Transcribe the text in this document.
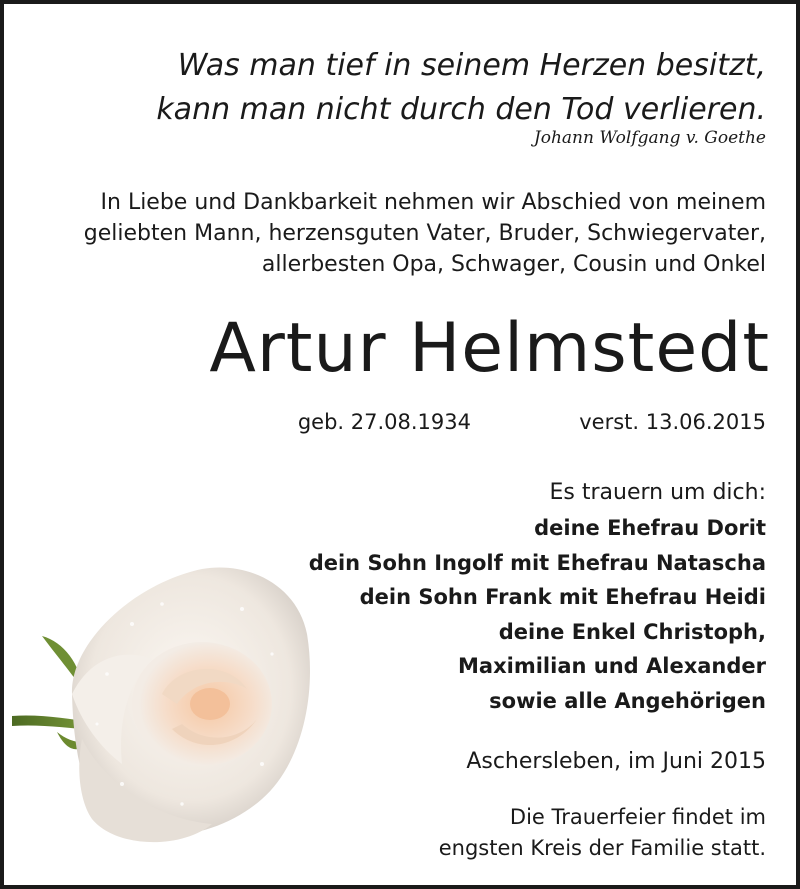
Was man tief in seinem Herzen besitzt,
kann man nicht durch den Tod verlieren.
Johann Wolfgang v. Goethe
In Liebe und Dankbarkeit nehmen wir Abschied von meinem
geliebten Mann, herzensguten Vater, Bruder, Schwiegervater,
allerbesten Opa, Schwager, Cousin und Onkel
Artur Helmstedt
geb. 27.08.1934	verst. 13.06.2015
Es trauern um dich:
deine Ehefrau Dorit
dein Sohn Ingolf mit Ehefrau Natascha
dein Sohn Frank mit Ehefrau Heidi
deine Enkel Christoph,
Maximilian und Alexander
sowie alle Angehörigen
Aschersleben, im Juni 2015
Die Trauerfeier findet im
engsten Kreis der Familie statt.
